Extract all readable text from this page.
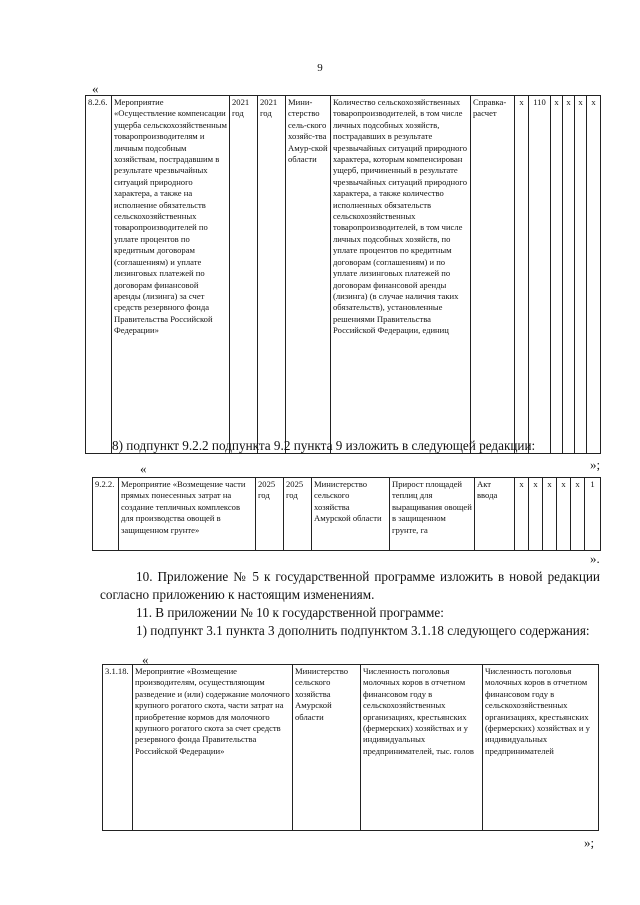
9
«
8.2.6.	Мероприятие «Осуществление компенсации ущерба сельскохозяйственным товаропроизводителям и личным подсобным хозяйствам, пострадавшим в результате чрезвычайных ситуаций природного характера, а также на исполнение обязательств сельскохозяйственных товаропроизводителей по уплате процентов по кредитным договорам (соглашениям) и уплате лизинговых платежей по договорам финансовой аренды (лизинга) за счет средств резервного фонда Правительства Российской Федерации»	2021 год	2021 год	Мини-стерство сель-ского хозяйс-тва Амур-ской области	Количество сельскохозяйственных товаропроизводителей, в том числе личных подсобных хозяйств, пострадавших в результате чрезвычайных ситуаций природного характера, которым компенсирован ущерб, причиненный в результате чрезвычайных ситуаций природного характера, а также количество исполненных обязательств сельскохозяйственных товаропроизводителей, в том числе личных подсобных хозяйств, по уплате процентов по кредитным договорам (соглашениям) и по уплате лизинговых платежей по договорам финансовой аренды (лизинга) (в случае наличия таких обязательств), установленные решениями Правительства Российской Федерации, единиц	Справка-расчет	х	110	х	х	х	х
»;
8) подпункт 9.2.2 подпункта 9.2 пункта 9 изложить в следующей редакции:
«
9.2.2.	Мероприятие «Возмещение части прямых понесенных затрат на создание тепличных комплексов для производства овощей в защищенном грунте»	2025 год	2025 год	Министерство сельского хозяйства Амурской области	Прирост площадей теплиц для выращивания овощей в защищенном грунте, га	Акт ввода	х	х	х	х	х	1
».
10. Приложение № 5 к государственной программе изложить в новой редакции согласно приложению к настоящим изменениям.
11. В приложении № 10 к государственной программе:
1) подпункт 3.1 пункта 3 дополнить подпунктом 3.1.18 следующего содержания:
«
3.1.18.	Мероприятие «Возмещение производителям, осуществляющим разведение и (или) содержание молочного крупного рогатого скота, части затрат на приобретение кормов для молочного крупного рогатого скота за счет средств резервного фонда Правительства Российской Федерации»	Министерство сельского хозяйства Амурской области	Численность поголовья молочных коров в отчетном финансовом году в сельскохозяйственных организациях, крестьянских (фермерских) хозяйствах и у индивидуальных предпринимателей, тыс. голов	Численность поголовья молочных коров в отчетном финансовом году в сельскохозяйственных организациях, крестьянских (фермерских) хозяйствах и у индивидуальных предпринимателей
»;
